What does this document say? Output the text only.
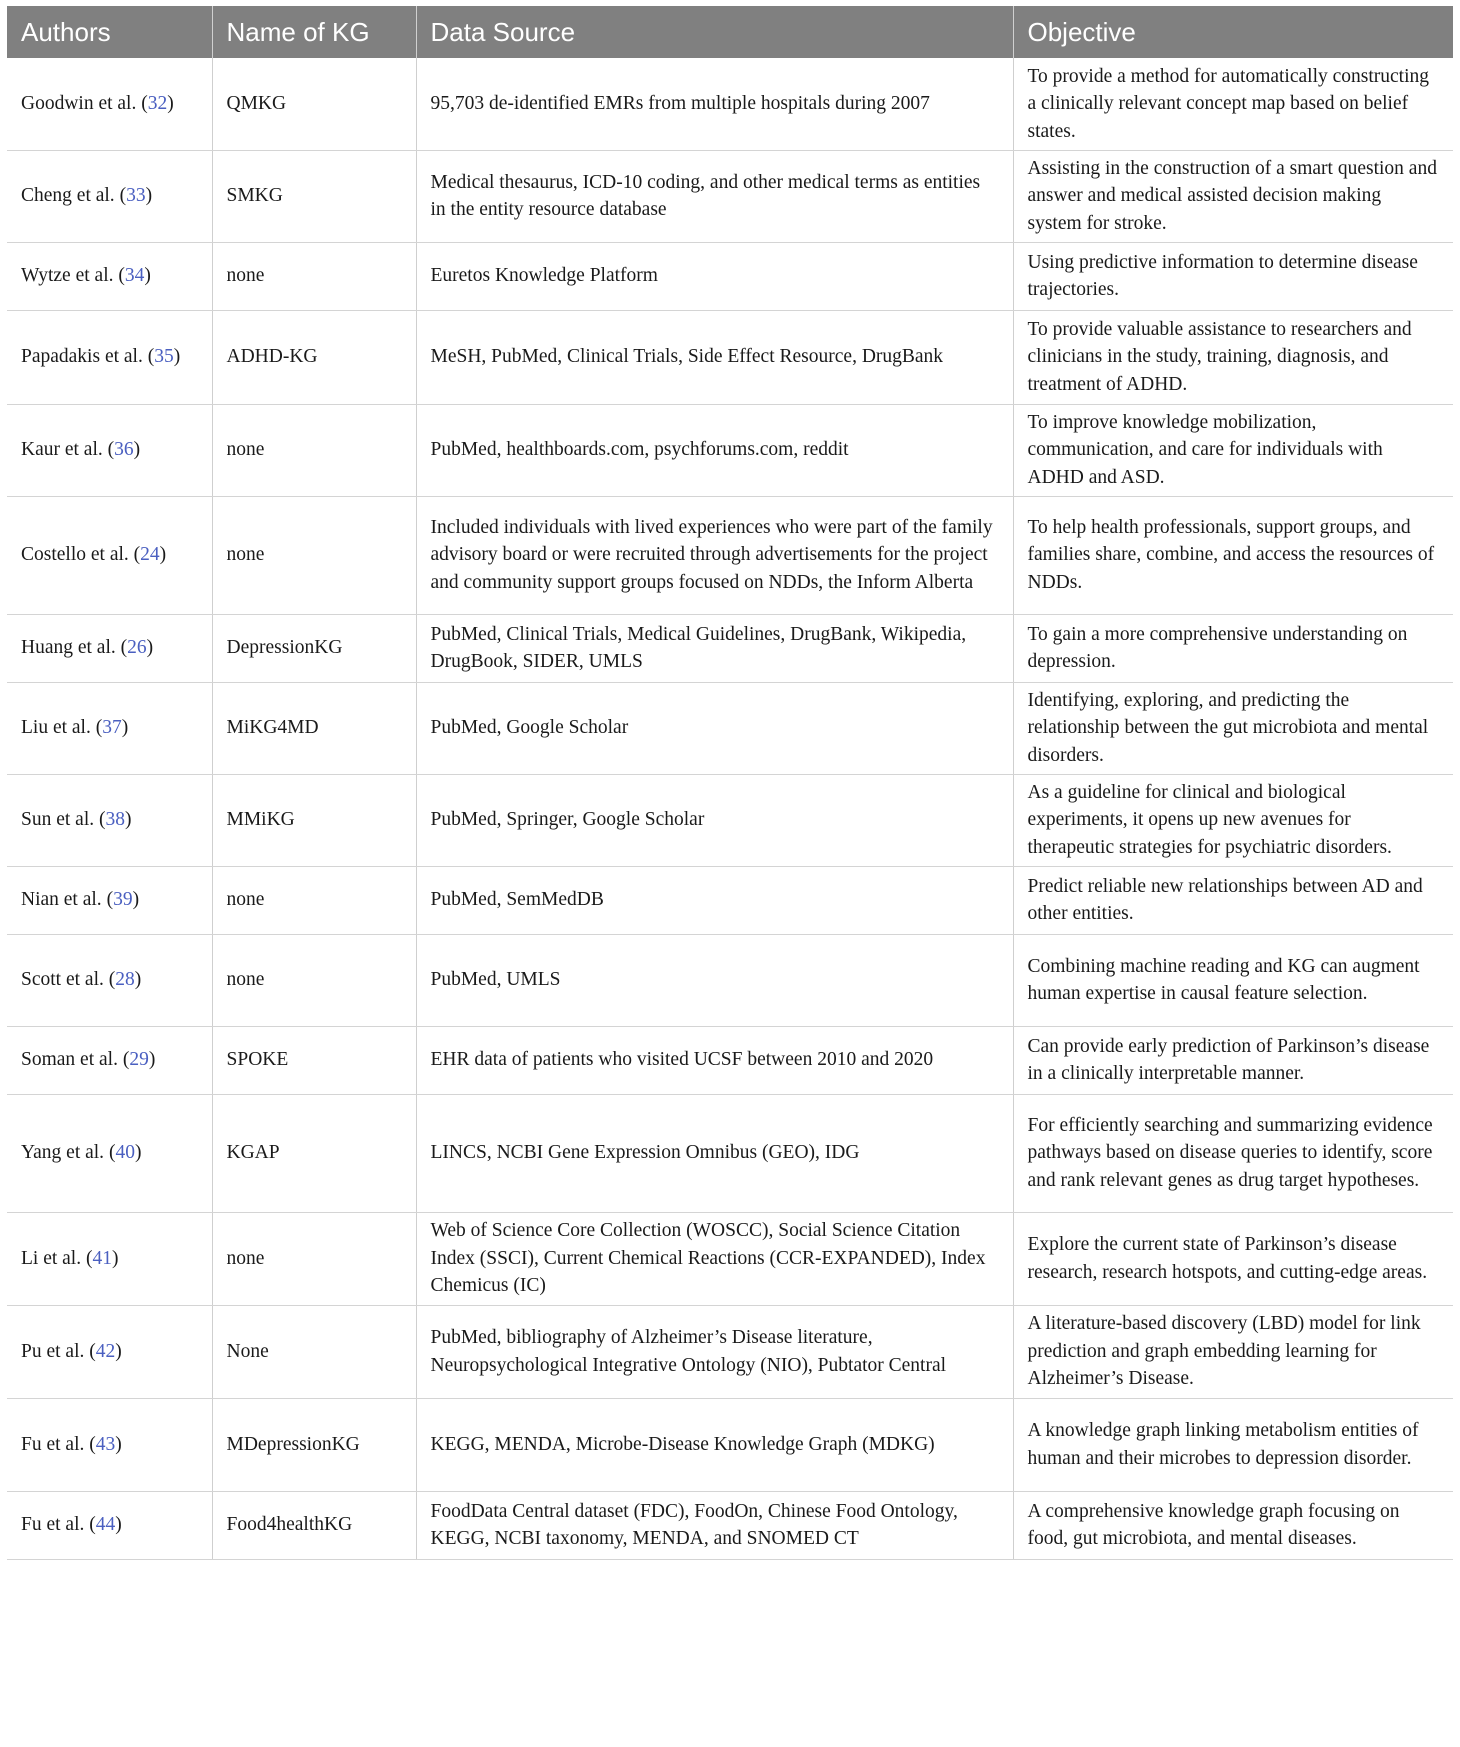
Authors	Name of KG	Data Source	Objective
Goodwin et al. (32)	QMKG	95,703 de-identified EMRs from multiple hospitals during 2007	To provide a method for automatically constructing a clinically relevant concept map based on belief states.
Cheng et al. (33)	SMKG	Medical thesaurus, ICD-10 coding, and other medical terms as entities in the entity resource database	Assisting in the construction of a smart question and answer and medical assisted decision making system for stroke.
Wytze et al. (34)	none	Euretos Knowledge Platform	Using predictive information to determine disease trajectories.
Papadakis et al. (35)	ADHD-KG	MeSH, PubMed, Clinical Trials, Side Effect Resource, DrugBank	To provide valuable assistance to researchers and clinicians in the study, training, diagnosis, and treatment of ADHD.
Kaur et al. (36)	none	PubMed, healthboards.com, psychforums.com, reddit	To improve knowledge mobilization, communication, and care for individuals with ADHD and ASD.
Costello et al. (24)	none	Included individuals with lived experiences who were part of the family advisory board or were recruited through advertisements for the project and community support groups focused on NDDs, the Inform Alberta	To help health professionals, support groups, and families share, combine, and access the resources of NDDs.
Huang et al. (26)	DepressionKG	PubMed, Clinical Trials, Medical Guidelines, DrugBank, Wikipedia, DrugBook, SIDER, UMLS	To gain a more comprehensive understanding on depression.
Liu et al. (37)	MiKG4MD	PubMed, Google Scholar	Identifying, exploring, and predicting the relationship between the gut microbiota and mental disorders.
Sun et al. (38)	MMiKG	PubMed, Springer, Google Scholar	As a guideline for clinical and biological experiments, it opens up new avenues for therapeutic strategies for psychiatric disorders.
Nian et al. (39)	none	PubMed, SemMedDB	Predict reliable new relationships between AD and other entities.
Scott et al. (28)	none	PubMed, UMLS	Combining machine reading and KG can augment human expertise in causal feature selection.
Soman et al. (29)	SPOKE	EHR data of patients who visited UCSF between 2010 and 2020	Can provide early prediction of Parkinson’s disease in a clinically interpretable manner.
Yang et al. (40)	KGAP	LINCS, NCBI Gene Expression Omnibus (GEO), IDG	For efficiently searching and summarizing evidence pathways based on disease queries to identify, score and rank relevant genes as drug target hypotheses.
Li et al. (41)	none	Web of Science Core Collection (WOSCC), Social Science Citation Index (SSCI), Current Chemical Reactions (CCR-EXPANDED), Index Chemicus (IC)	Explore the current state of Parkinson’s disease research, research hotspots, and cutting-edge areas.
Pu et al. (42)	None	PubMed, bibliography of Alzheimer’s Disease literature, Neuropsychological Integrative Ontology (NIO), Pubtator Central	A literature-based discovery (LBD) model for link prediction and graph embedding learning for Alzheimer’s Disease.
Fu et al. (43)	MDepressionKG	KEGG, MENDA, Microbe-Disease Knowledge Graph (MDKG)	A knowledge graph linking metabolism entities of human and their microbes to depression disorder.
Fu et al. (44)	Food4healthKG	FoodData Central dataset (FDC), FoodOn, Chinese Food Ontology, KEGG, NCBI taxonomy, MENDA, and SNOMED CT	A comprehensive knowledge graph focusing on food, gut microbiota, and mental diseases.
